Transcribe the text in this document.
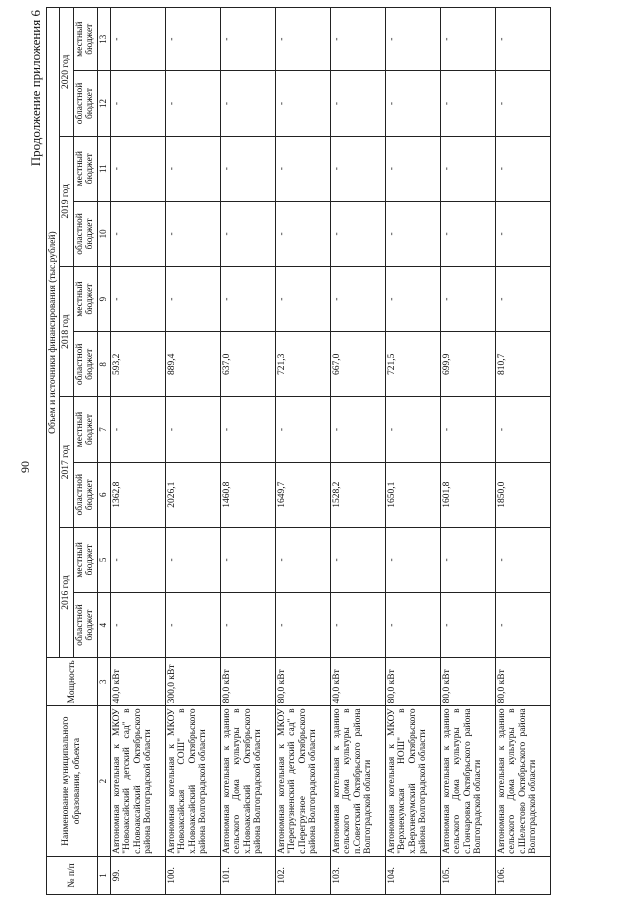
90
Продолжение приложения 6
№ п/п	Наименование муниципального образования, объекта	Мощность	Объем и источники финансирования (тыс.рублей)									
			2016 год		2017 год		2018 год		2019 год		2020 год	
			областной бюджет	местный бюджет	областной бюджет	местный бюджет	областной бюджет	местный бюджет	областной бюджет	местный бюджет	областной бюджет	местный бюджет
1	2	3	4	5	6	7	8	9	10	11	12	13
99.	Автономная котельная к МКОУ "Новоаксайский детский сад" в с.Новоаксайский Октябрьского района Волгоградской области	40,0 кВт	-	-	1362,8	-	593,2	-	-	-	-	-
100.	Автономная котельная к МКОУ "Новоаксайская СОШ" в х.Новоаксайский Октябрьского района Волгоградской области	300,0 кВт	-	-	2026,1	-	889,4	-	-	-	-	-
101.	Автономная котельная к зданию сельского Дома культуры в х.Новоаксайский Октябрьского района Волгоградской области	80,0 кВт	-	-	1460,8	-	637,0	-	-	-	-	-
102.	Автономная котельная к МКОУ "Перегрузненский детский сад" в с.Перегрузное Октябрьского района Волгоградской области	80,0 кВт	-	-	1649,7	-	721,3	-	-	-	-	-
103.	Автономная котельная к зданию сельского Дома культуры в п.Советский Октябрьского района Волгоградской области	40,0 кВт	-	-	1528,2	-	667,0	-	-	-	-	-
104.	Автономная котельная к МКОУ "Верхнекумская НОШ" в х.Верхнекумский Октябрьского района Волгоградской области	80,0 кВт	-	-	1650,1	-	721,5	-	-	-	-	-
105.	Автономная котельная к зданию сельского Дома культуры в с.Гончаровка Октябрьского района Волгоградской области	80,0 кВт	-	-	1601,8	-	699,9	-	-	-	-	-
106.	Автономная котельная к зданию сельского Дома культуры в с.Шелестово Октябрьского района Волгоградской области	80,0 кВт	-	-	1850,0	-	810,7	-	-	-	-	-
